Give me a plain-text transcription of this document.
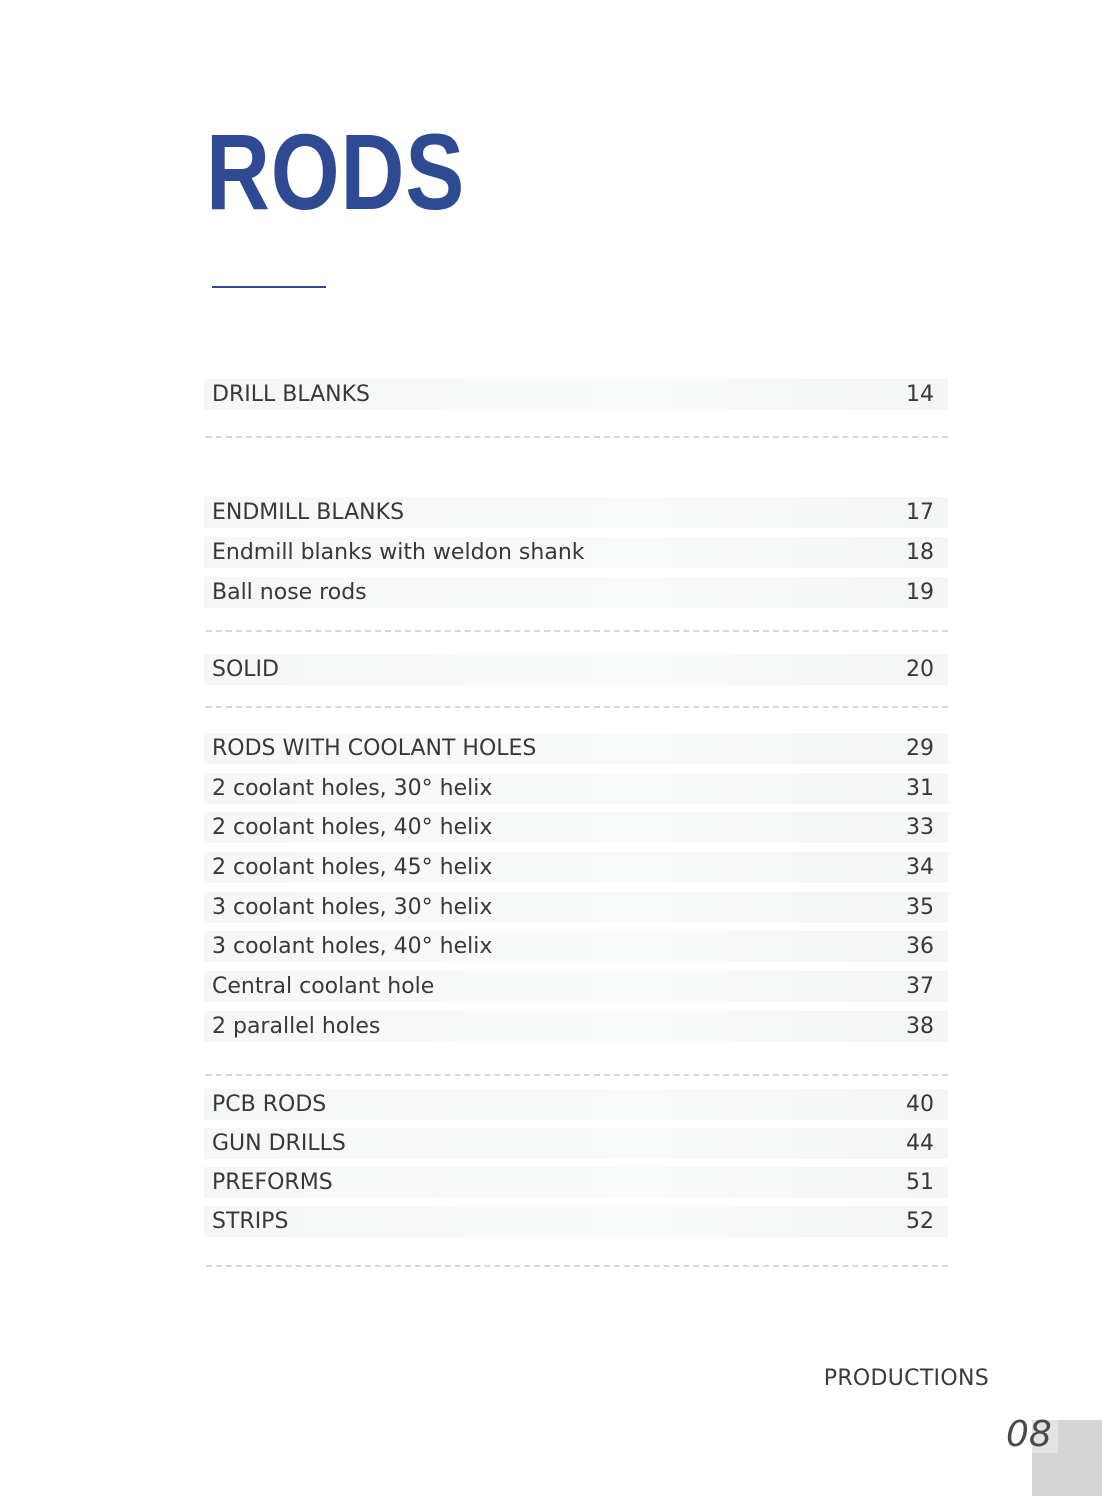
RODS
DRILL BLANKS	14
ENDMILL BLANKS	17
Endmill blanks with weldon shank	18
Ball nose rods	19
SOLID	20
RODS WITH COOLANT HOLES	29
2 coolant holes, 30° helix	31
2 coolant holes, 40° helix	33
2 coolant holes, 45° helix	34
3 coolant holes, 30° helix	35
3 coolant holes, 40° helix	36
Central coolant hole	37
2 parallel holes	38
PCB RODS	40
GUN DRILLS	44
PREFORMS	51
STRIPS	52
PRODUCTIONS
08
